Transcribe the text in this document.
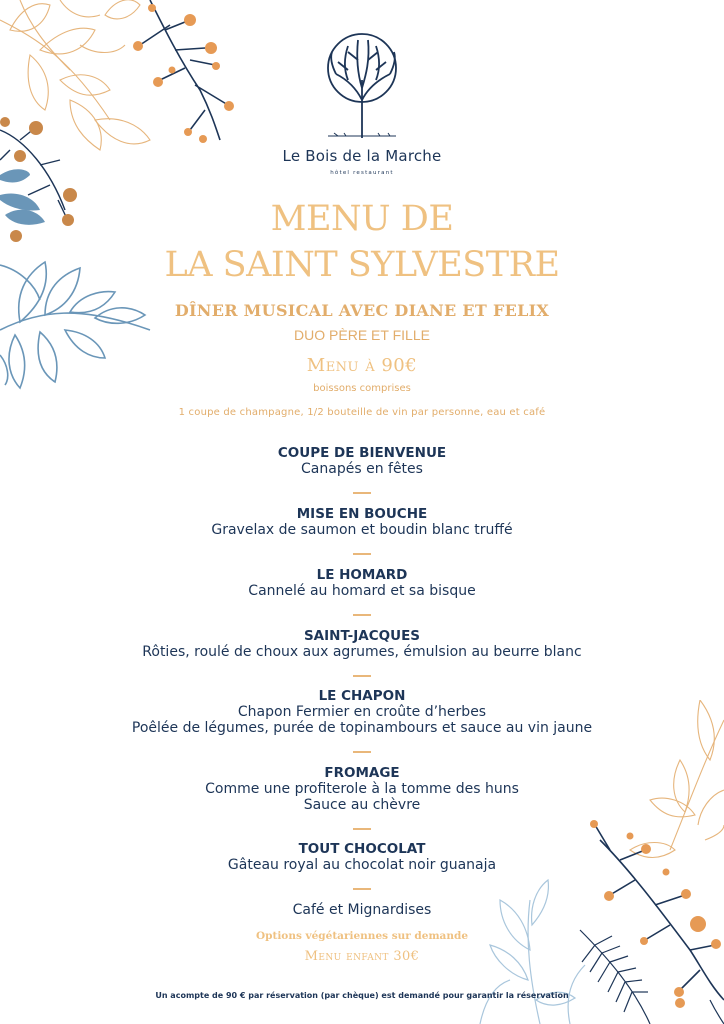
Le Bois de la Marche
hôtel restaurant
MENU DE
LA SAINT SYLVESTRE
DÎNER MUSICAL AVEC DIANE ET FELIX
DUO PÈRE ET FILLE
Menu à 90€
boissons comprises
1 coupe de champagne, 1/2 bouteille de vin par personne, eau et café
COUPE DE BIENVENUE
Canapés en fêtes
MISE EN BOUCHE
Gravelax de saumon et boudin blanc truffé
LE HOMARD
Cannelé au homard et sa bisque
SAINT-JACQUES
Rôties, roulé de choux aux agrumes, émulsion au beurre blanc
LE CHAPON
Chapon Fermier en croûte d’herbes
Poêlée de légumes, purée de topinambours et sauce au vin jaune
FROMAGE
Comme une profiterole à la tomme des huns
Sauce au chèvre
TOUT CHOCOLAT
Gâteau royal au chocolat noir guanaja
Café et Mignardises
Options végétariennes sur demande
Menu enfant 30€
Un acompte de 90 € par réservation (par chèque) est demandé pour garantir la réservation
